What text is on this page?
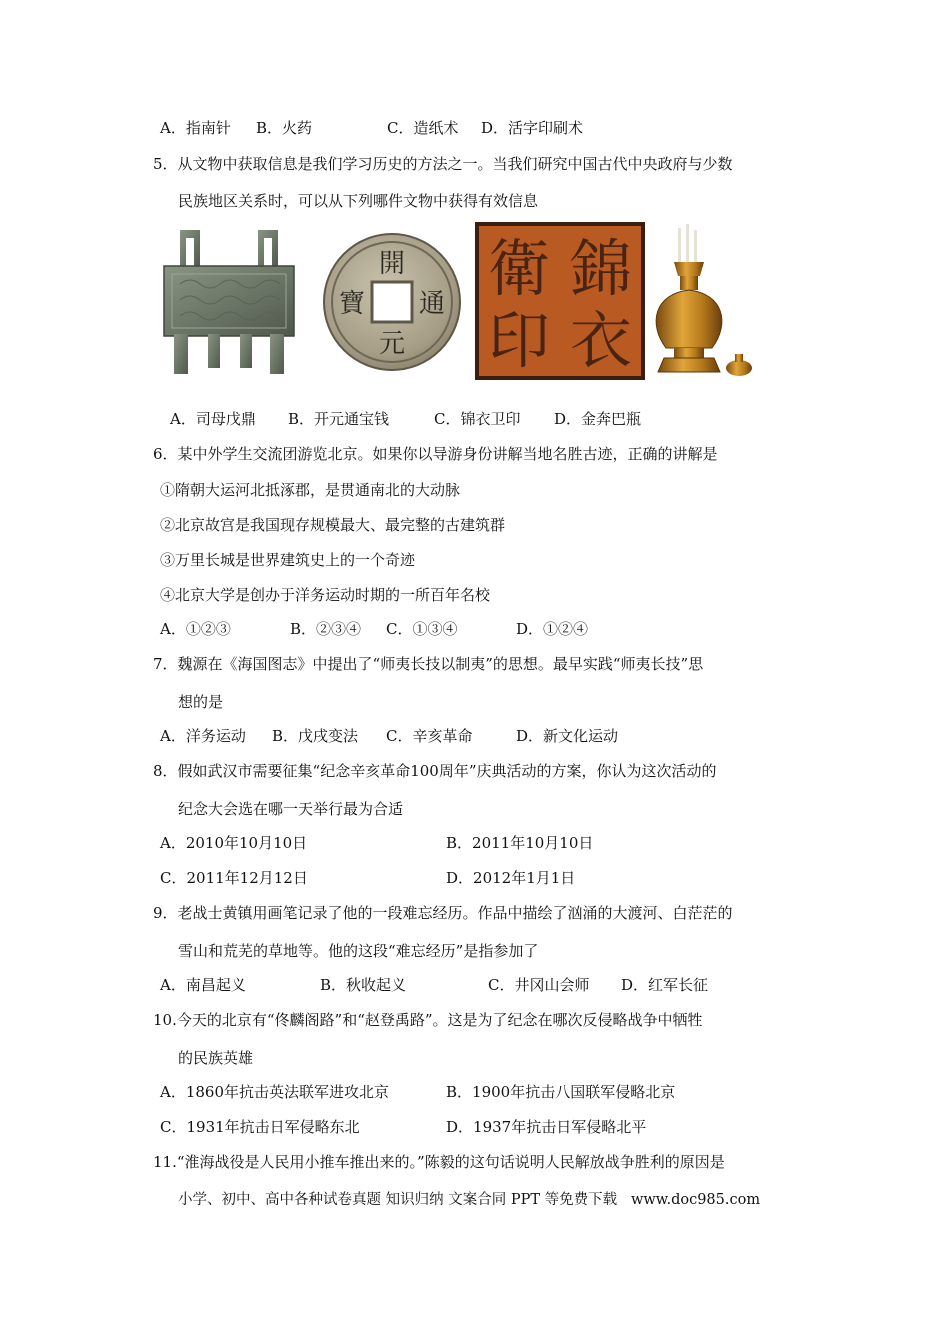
A．指南针 B．火药	C．造纸术 D．活字印刷术
5．从文物中获取信息是我们学习历史的方法之一。当我们研究中国古代中央政府与少数
民族地区关系时，可以从下列哪件文物中获得有效信息
開
元
通
寶	錦
衣
衛
印
A．司母戊鼎 B．开元通宝钱	C．锦衣卫印 D．金奔巴瓶
6．某中外学生交流团游览北京。如果你以导游身份讲解当地名胜古迹，正确的讲解是
①隋朝大运河北抵涿郡，是贯通南北的大动脉
②北京故宫是我国现存规模最大、最完整的古建筑群
③万里长城是世界建筑史上的一个奇迹
④北京大学是创办于洋务运动时期的一所百年名校
A．①②③	B．②③④ C．①③④	D．①②④
7．魏源在《海国图志》中提出了“师夷长技以制夷”的思想。最早实践“师夷长技”思
想的是
A．洋务运动 B．戊戌变法 C．辛亥革命	D．新文化运动
8．假如武汉市需要征集“纪念辛亥革命100周年”庆典活动的方案，你认为这次活动的
纪念大会选在哪一天举行最为合适
A．2010年10月10日	B．2011年10月10日
C．2011年12月12日	D．2012年1月1日
9．老战士黄镇用画笔记录了他的一段难忘经历。作品中描绘了汹涌的大渡河、白茫茫的
雪山和荒芜的草地等。他的这段“难忘经历”是指参加了
A．南昌起义	B．秋收起义	C．井冈山会师 D．红军长征
10.今天的北京有“佟麟阁路”和“赵登禹路”。这是为了纪念在哪次反侵略战争中牺牲
的民族英雄
A．1860年抗击英法联军进攻北京	B．1900年抗击八国联军侵略北京
C．1931年抗击日军侵略东北	D．1937年抗击日军侵略北平
11.“淮海战役是人民用小推车推出来的。”陈毅的这句话说明人民解放战争胜利的原因是
小学、初中、高中各种试卷真题 知识归纳 文案合同 PPT 等免费下载   www.doc985.com
